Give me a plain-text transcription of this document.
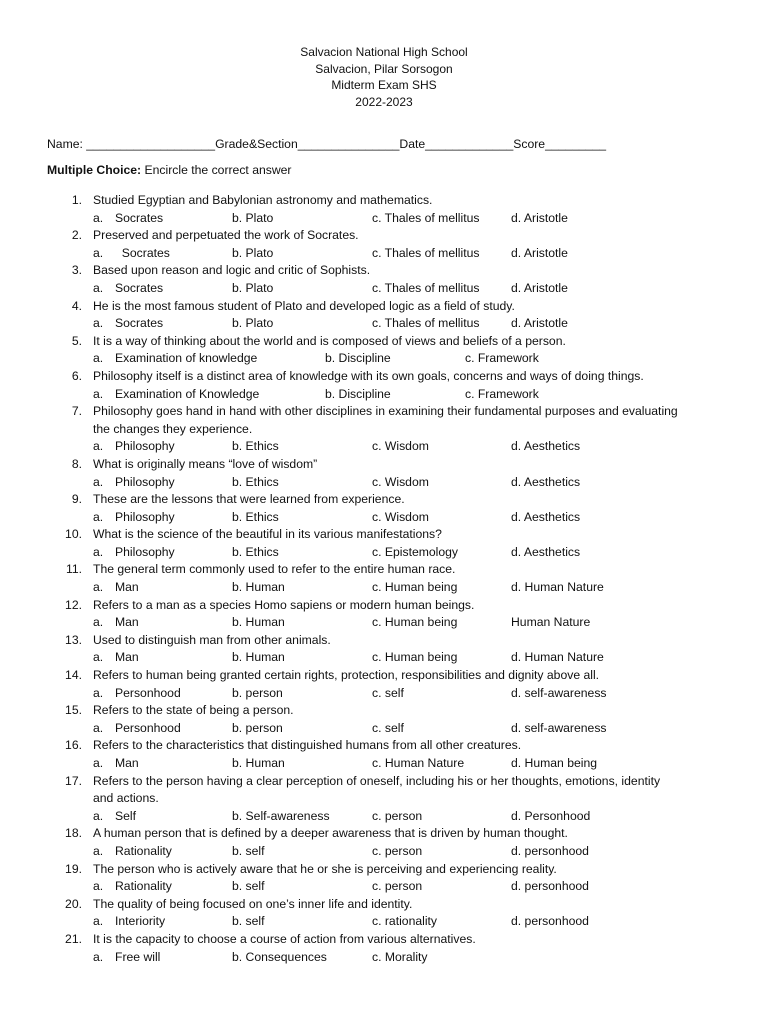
Salvacion National High School
Salvacion, Pilar Sorsogon
Midterm Exam SHS
2022-2023
Name: ___________________Grade&Section_______________Date_____________Score_________
Multiple Choice: Encircle the correct answer
1. Studied Egyptian and Babylonian astronomy and mathematics.
a. Socrates	b. Plato	c. Thales of mellitus	d. Aristotle
2. Preserved and perpetuated the work of Socrates.
a. Socrates	b. Plato	c. Thales of mellitus	d. Aristotle
3. Based upon reason and logic and critic of Sophists.
a. Socrates	b. Plato	c. Thales of mellitus	d. Aristotle
4. He is the most famous student of Plato and developed logic as a field of study.
a. Socrates	b. Plato	c. Thales of mellitus	d. Aristotle
5. It is a way of thinking about the world and is composed of views and beliefs of a person.
a. Examination of knowledge	b. Discipline	c. Framework
6. Philosophy itself is a distinct area of knowledge with its own goals, concerns and ways of doing things.
a. Examination of Knowledge	b. Discipline	c. Framework
7. Philosophy goes hand in hand with other disciplines in examining their fundamental purposes and evaluating
the changes they experience.
a. Philosophy	b. Ethics	c. Wisdom	d. Aesthetics
8. What is originally means “love of wisdom”
a. Philosophy	b. Ethics	c. Wisdom	d. Aesthetics
9. These are the lessons that were learned from experience.
a. Philosophy	b. Ethics	c. Wisdom	d. Aesthetics
10. What is the science of the beautiful in its various manifestations?
a. Philosophy	b. Ethics	c. Epistemology	d. Aesthetics
11. The general term commonly used to refer to the entire human race.
a. Man	b. Human	c. Human being	d. Human Nature
12. Refers to a man as a species Homo sapiens or modern human beings.
a. Man	b. Human	c. Human being	Human Nature
13. Used to distinguish man from other animals.
a. Man	b. Human	c. Human being	d. Human Nature
14. Refers to human being granted certain rights, protection, responsibilities and dignity above all.
a. Personhood	b. person	c. self	d. self-awareness
15. Refers to the state of being a person.
a. Personhood	b. person	c. self	d. self-awareness
16. Refers to the characteristics that distinguished humans from all other creatures.
a. Man	b. Human	c. Human Nature	d. Human being
17. Refers to the person having a clear perception of oneself, including his or her thoughts, emotions, identity
and actions.
a. Self	b. Self-awareness	c. person	d. Personhood
18. A human person that is defined by a deeper awareness that is driven by human thought.
a. Rationality	b. self	c. person	d. personhood
19. The person who is actively aware that he or she is perceiving and experiencing reality.
a. Rationality	b. self	c. person	d. personhood
20. The quality of being focused on one’s inner life and identity.
a. Interiority	b. self	c. rationality	d. personhood
21. It is the capacity to choose a course of action from various alternatives.
a. Free will	b. Consequences	c. Morality
